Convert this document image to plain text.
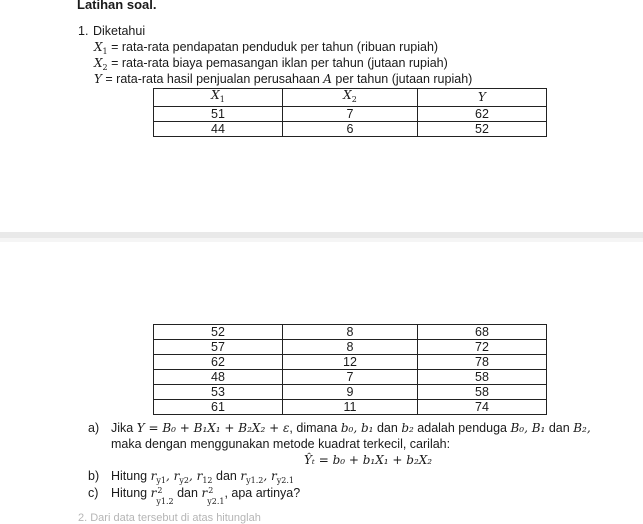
Latihan soal.
1. Diketahui
$X_1$ = rata-rata pendapatan penduduk per tahun (ribuan rupiah)
$X_2$ = rata-rata biaya pemasangan iklan per tahun (jutaan rupiah)
Y = rata-rata hasil penjualan perusahaan A per tahun (jutaan rupiah)
$X_1$	$X_2$	Y
51	7	62
44	6	52
52	8	68
57	8	72
62	12	78
48	7	58
53	9	58
61	11	74
a) Jika Y = B₀ + B₁X₁ + B₂X₂ + ε, dimana b₀, b₁ dan b₂ adalah penduga B₀, B₁ dan B₂,
maka dengan menggunakan metode kuadrat terkecil, carilah:
Ŷₜ = b₀ + b₁X₁ + b₂X₂
b) Hitung $r_{y1}$, $r_{y2}$, $r_{12}$ dan $r_{y1.2}$, $r_{y2.1}$
c) Hitung r 2
y1.2 dan r 2
y2.1, apa artinya?
2. Dari data tersebut di atas hitunglah
